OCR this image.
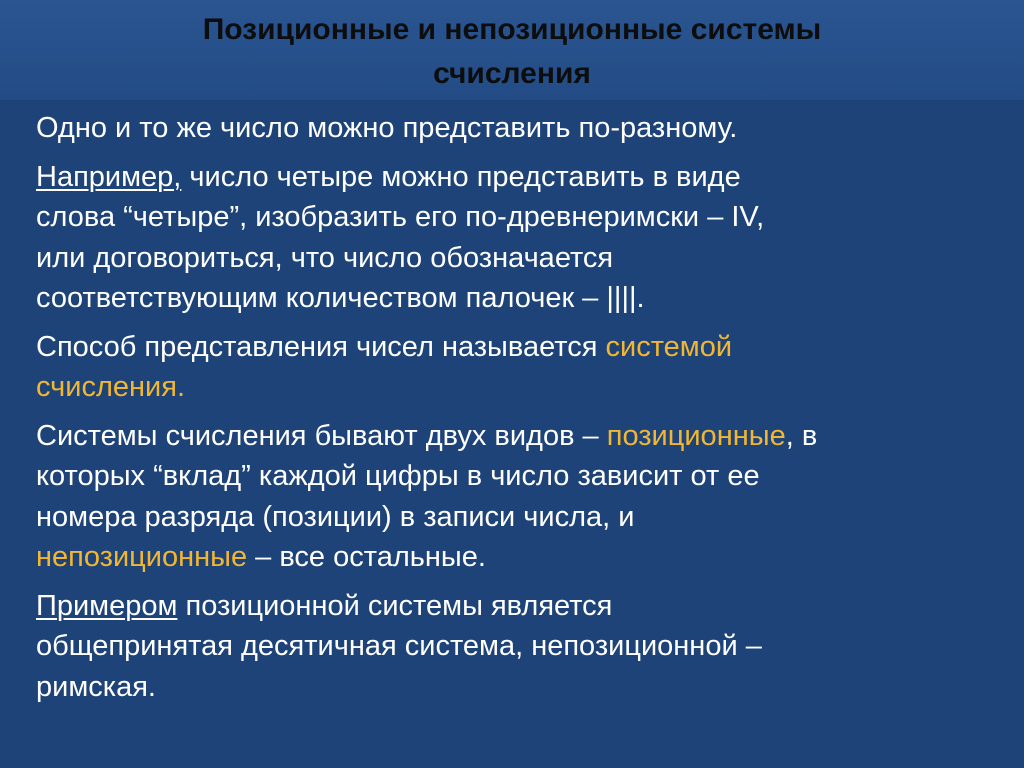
Позиционные и непозиционные системы
счисления

Одно и то же число можно представить по-разному.

Например, число четыре можно представить в виде
слова “четыре”, изобразить его по-древнеримски – IV,
или договориться, что число обозначается
соответствующим количеством палочек – ||||.

Способ представления чисел называется системой
счисления.

Системы счисления бывают двух видов – позиционные, в
которых “вклад” каждой цифры в число зависит от ее
номера разряда (позиции) в записи числа, и
непозиционные – все остальные.

Примером позиционной системы является
общепринятая десятичная система, непозиционной –
римская.
